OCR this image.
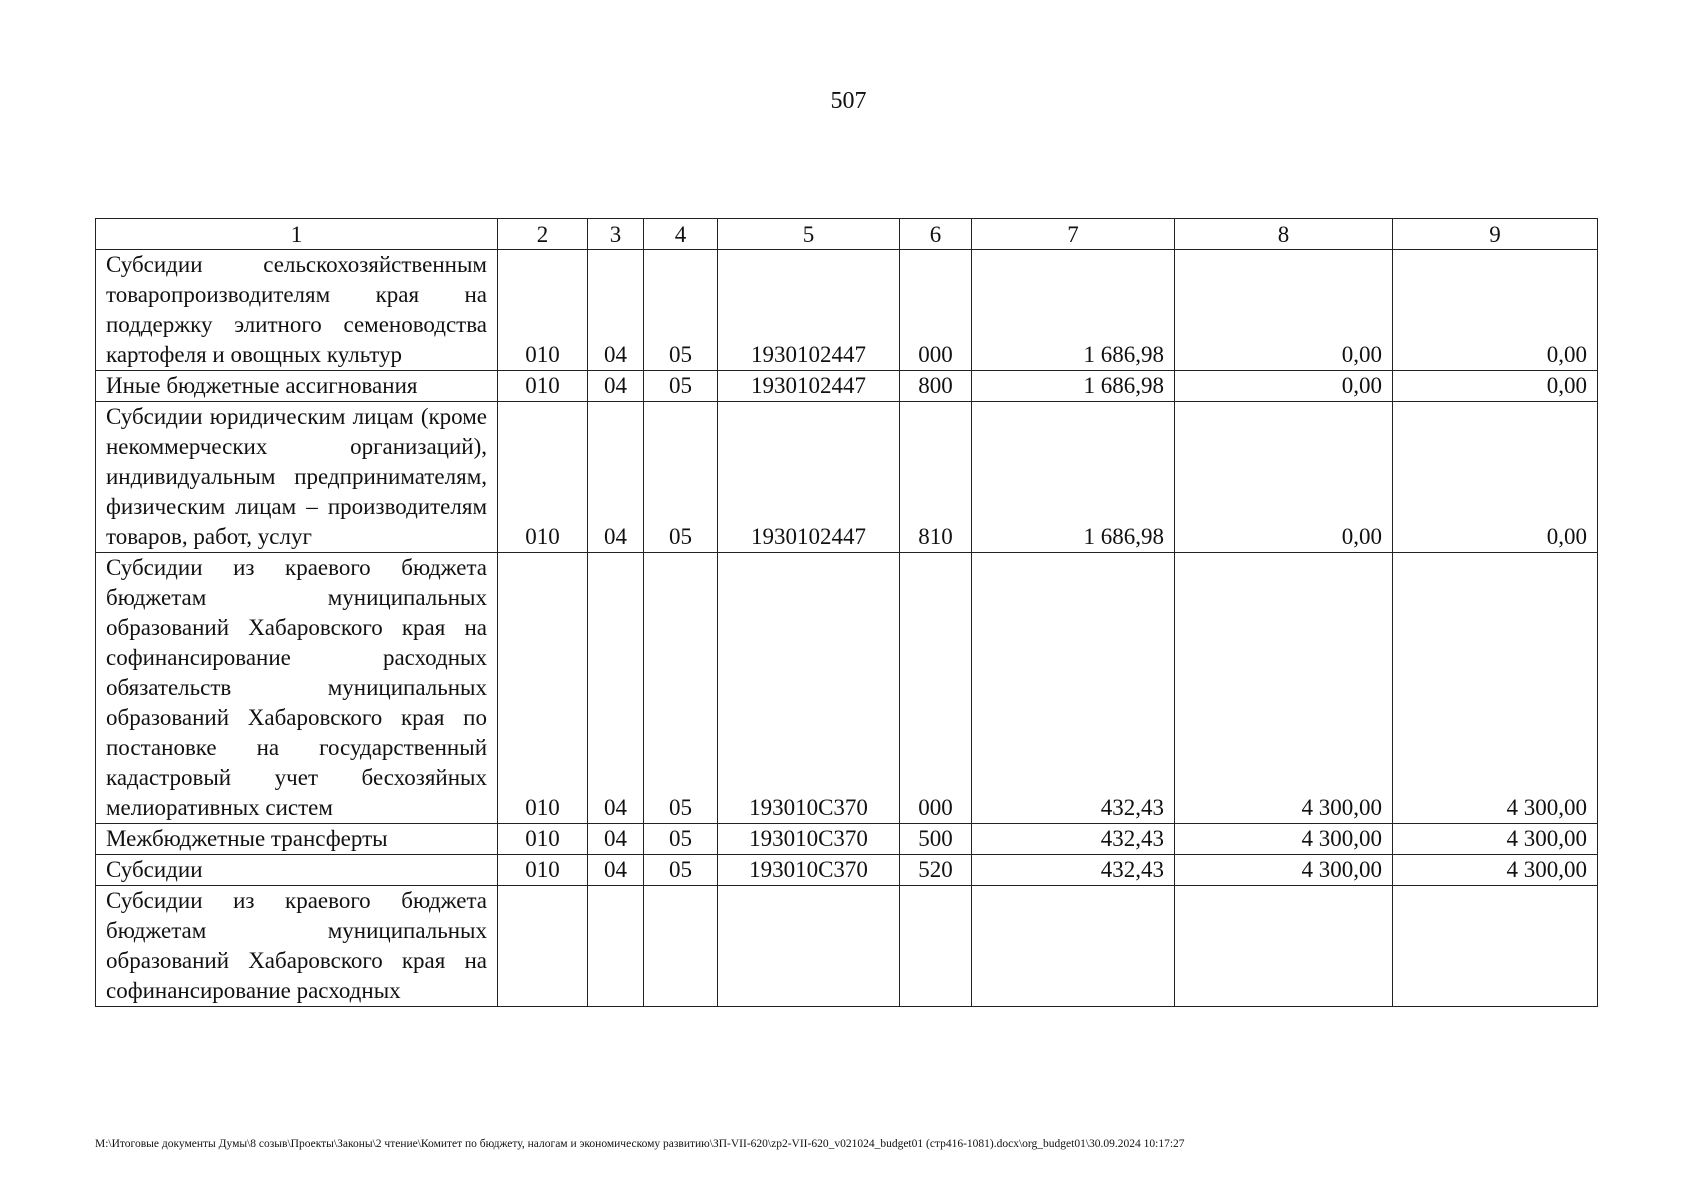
507
1	2	3	4	5	6	7	8	9
Субсидии сельскохозяйственным товаропроизводителям края на поддержку элитного семеноводства картофеля и овощных культур	010	04	05	1930102447	000	1 686,98	0,00	0,00
Иные бюджетные ассигнования	010	04	05	1930102447	800	1 686,98	0,00	0,00
Субсидии юридическим лицам (кроме некоммерческих организаций), индивидуальным предпринимателям, физическим лицам – производителям товаров, работ, услуг	010	04	05	1930102447	810	1 686,98	0,00	0,00
Субсидии из краевого бюджета бюджетам муниципальных образований Хабаровского края на софинансирование расходных обязательств муниципальных образований Хабаровского края по постановке на государственный кадастровый учет бесхозяйных мелиоративных систем	010	04	05	193010С370	000	432,43	4 300,00	4 300,00
Межбюджетные трансферты	010	04	05	193010С370	500	432,43	4 300,00	4 300,00
Субсидии	010	04	05	193010С370	520	432,43	4 300,00	4 300,00
Субсидии из краевого бюджета бюджетам муниципальных образований Хабаровского края на софинансирование расходных								
M:\Итоговые документы Думы\8 созыв\Проекты\Законы\2 чтение\Комитет по бюджету, налогам и экономическому развитию\ЗП-VII-620\zp2-VII-620_v021024_budget01 (стр416-1081).docx\org_budget01\30.09.2024 10:17:27
